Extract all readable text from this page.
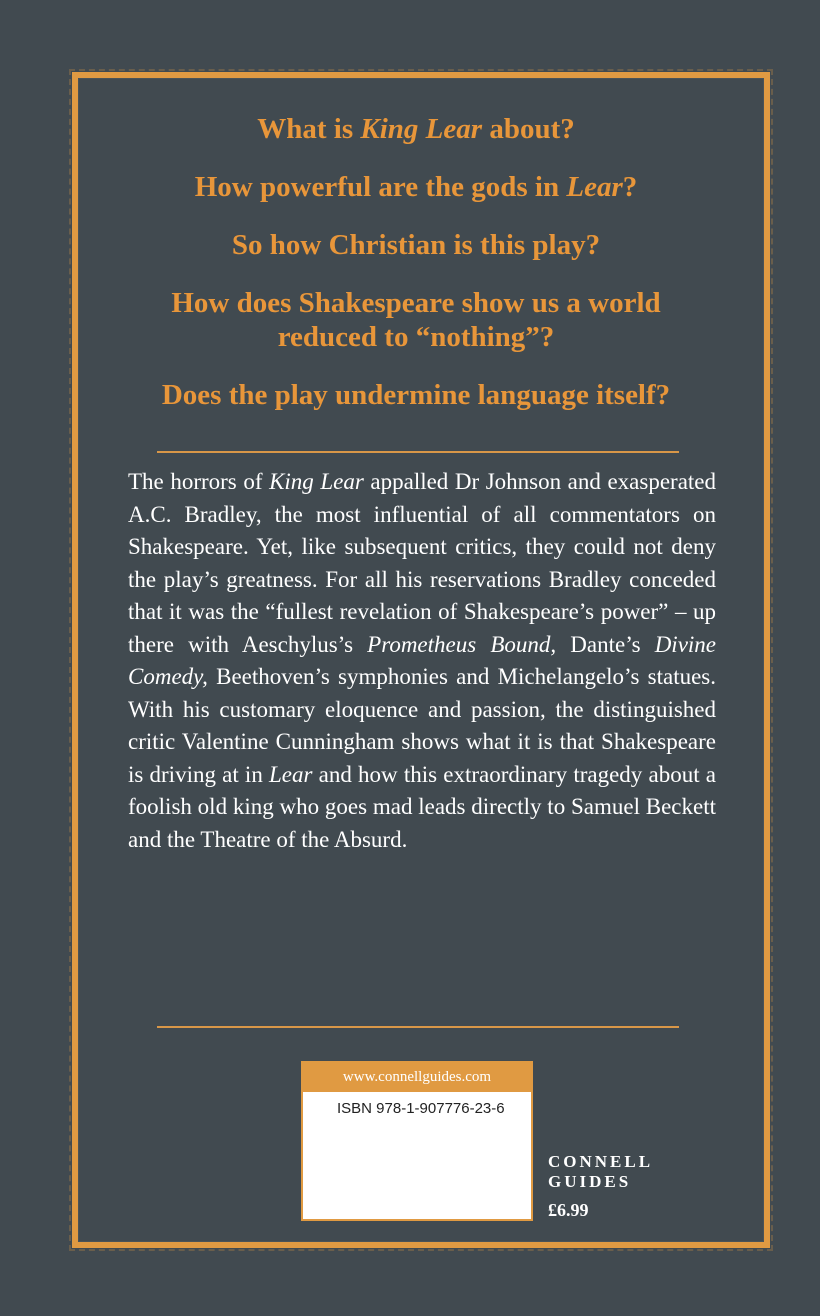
What is King Lear about?
How powerful are the gods in Lear?
So how Christian is this play?
How does Shakespeare show us a world
reduced to “nothing”?
Does the play undermine language itself?
The horrors of King Lear appalled Dr Johnson and exasperated A.C. Bradley, the most influential of all commentators on Shakespeare. Yet, like subsequent critics, they could not deny the play’s greatness. For all his reservations Bradley conceded that it was the “fullest revelation of Shakespeare’s power” – up there with Aeschylus’s Prometheus Bound, Dante’s Divine Comedy, Beethoven’s symphonies and Michelangelo’s statues. With his customary eloquence and passion, the distinguished critic Valentine Cunningham shows what it is that Shakespeare is driving at in Lear and how this extraordinary tragedy about a foolish old king who goes mad leads directly to Samuel Beckett and the Theatre of the Absurd.
www.connellguides.com
ISBN 978-1-907776-23-6
CONNELL
GUIDES
£6.99
